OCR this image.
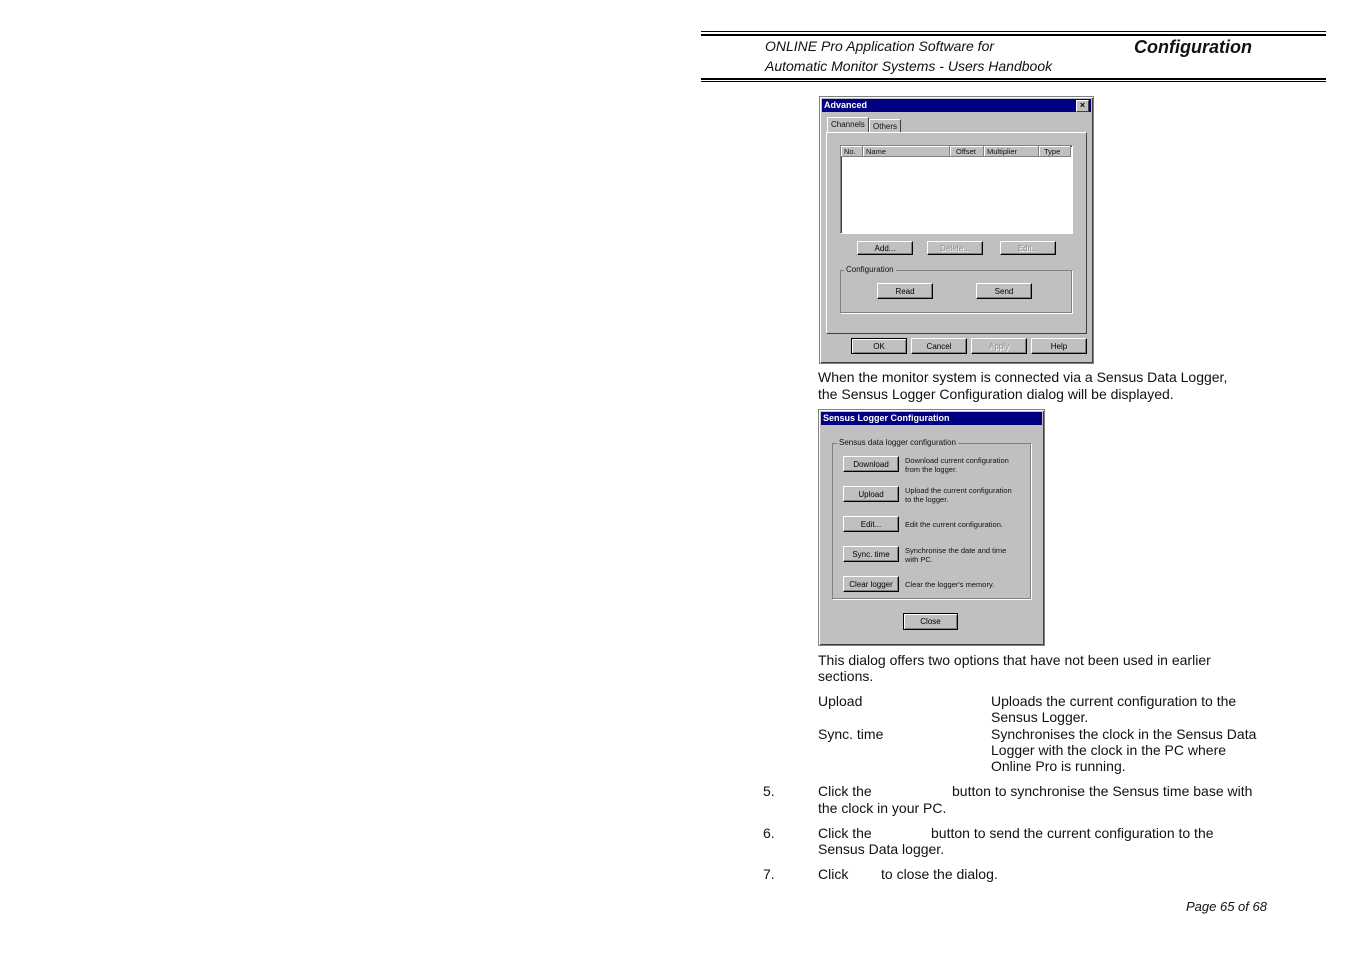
ONLINE Pro Application Software for
Automatic Monitor Systems - Users Handbook
Configuration
Advanced	×
Channels	Others
No.	Name	Offset	Multiplier	Type
Add...	Delete...	Edit...
Configuration
Read	Send
OK	Cancel	Apply	Help
When the monitor system is connected via a Sensus Data Logger,
the Sensus Logger Configuration dialog will be displayed.
Sensus Logger Configuration
Sensus data logger configuration
Download	Download current configuration
from the logger.
Upload	Upload the current configuration
to the logger.
Edit...	Edit the current configuration.
Sync. time	Synchronise the date and time
with PC.
Clear logger	Clear the logger's memory.
Close
This dialog offers two options that have not been used in earlier
sections.
Upload	Uploads the current configuration to the
Sensus Logger.
Sync. time	Synchronises the clock in the Sensus Data
Logger with the clock in the PC where
Online Pro is running.
5.	Click the	button to synchronise the Sensus time base with
the clock in your PC.
6.	Click the	button to send the current configuration to the
Sensus Data logger.
7.	Click to close the dialog.
Page 65 of 68
